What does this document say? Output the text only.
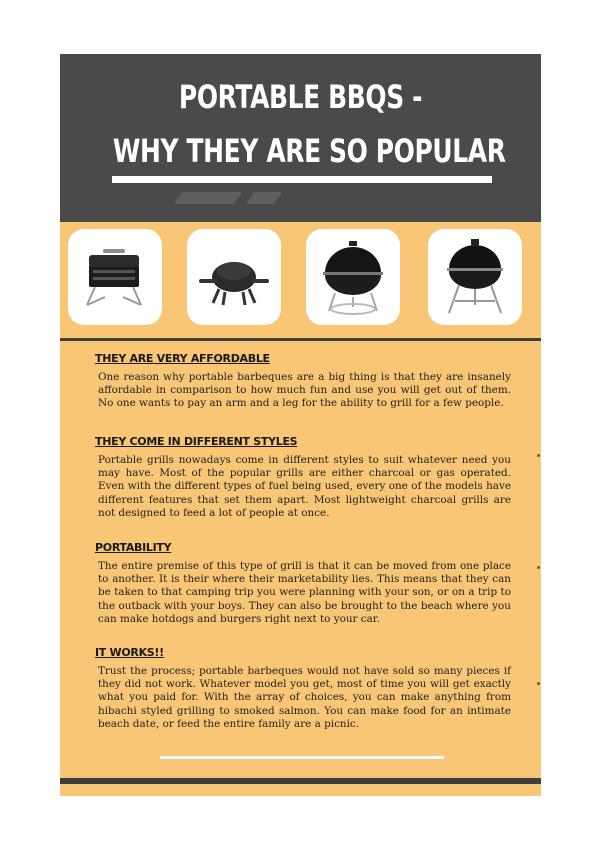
PORTABLE BBQS -
WHY THEY ARE SO POPULAR
THEY ARE VERY AFFORDABLE

One reason why portable barbeques are a big thing is that they are insanely affordable in comparison to how much fun and use you will get out of them. No one wants to pay an arm and a leg for the ability to grill for a few people.

THEY COME IN DIFFERENT STYLES

Portable grills nowadays come in different styles to suit whatever need you may have. Most of the popular grills are either charcoal or gas operated. Even with the different types of fuel being used, every one of the models have different features that set them apart. Most lightweight charcoal grills are not designed to feed a lot of people at once.

PORTABILITY

The entire premise of this type of grill is that it can be moved from one place to another. It is their where their marketability lies. This means that they can be taken to that camping trip you were planning with your son, or on a trip to the outback with your boys. They can also be brought to the beach where you can make hotdogs and burgers right next to your car.

IT WORKS!!

Trust the process; portable barbeques would not have sold so many pieces if they did not work. Whatever model you get, most of time you will get exactly what you paid for. With the array of choices, you can make anything from hibachi styled grilling to smoked salmon. You can make food for an intimate beach date, or feed the entire family are a picnic.
